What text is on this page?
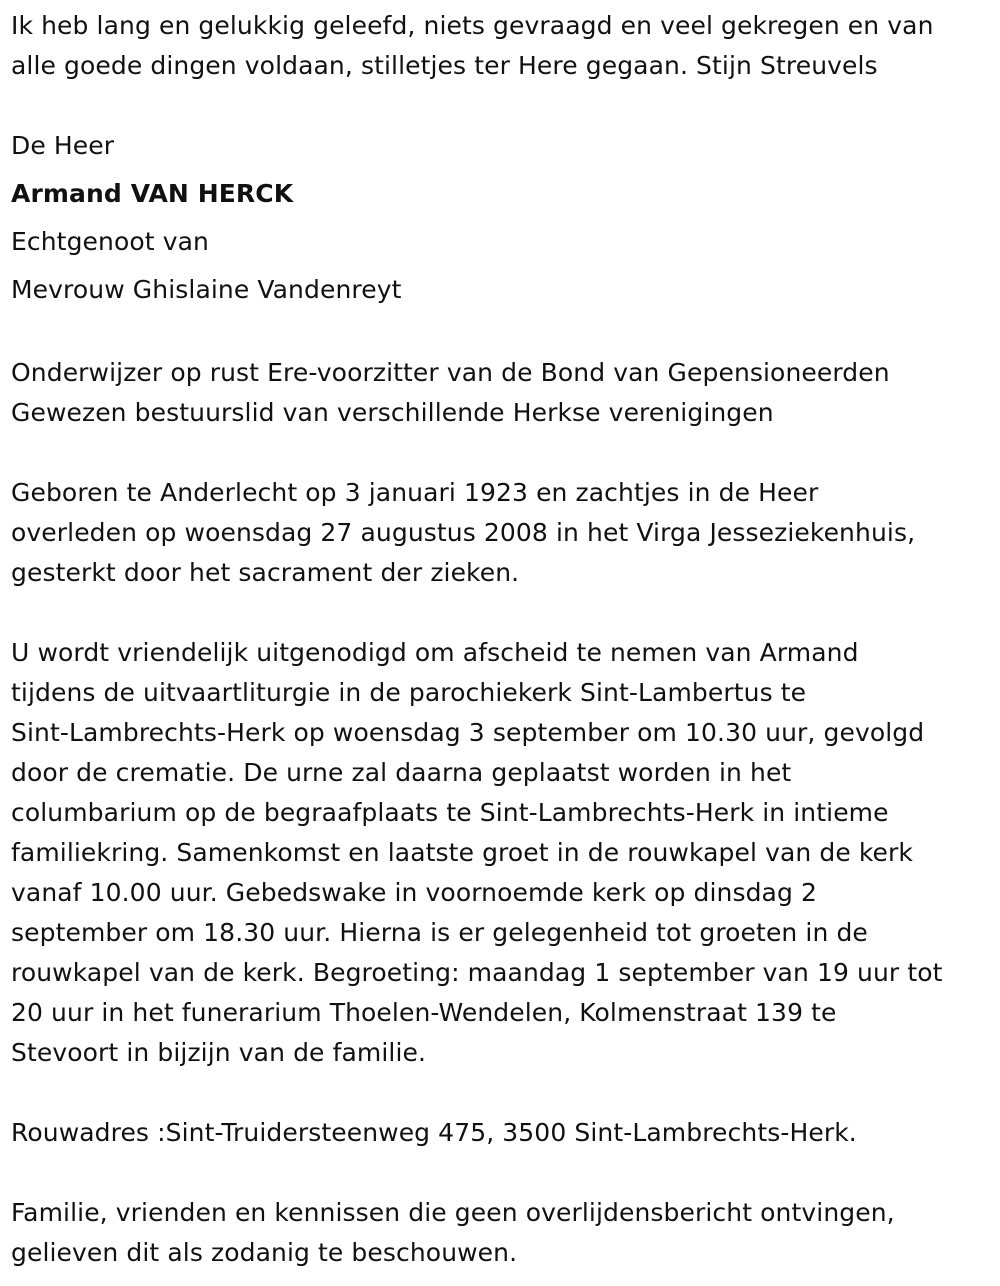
Ik heb lang en gelukkig geleefd, niets gevraagd en veel gekregen en van
alle goede dingen voldaan, stilletjes ter Here gegaan. Stijn Streuvels
De Heer
Armand VAN HERCK
Echtgenoot van
Mevrouw Ghislaine Vandenreyt
Onderwijzer op rust Ere-voorzitter van de Bond van Gepensioneerden
Gewezen bestuurslid van verschillende Herkse verenigingen
Geboren te Anderlecht op 3 januari 1923 en zachtjes in de Heer
overleden op woensdag 27 augustus 2008 in het Virga Jesseziekenhuis,
gesterkt door het sacrament der zieken.
U wordt vriendelijk uitgenodigd om afscheid te nemen van Armand
tijdens de uitvaartliturgie in de parochiekerk Sint-Lambertus te
Sint-Lambrechts-Herk op woensdag 3 september om 10.30 uur, gevolgd
door de crematie. De urne zal daarna geplaatst worden in het
columbarium op de begraafplaats te Sint-Lambrechts-Herk in intieme
familiekring. Samenkomst en laatste groet in de rouwkapel van de kerk
vanaf 10.00 uur. Gebedswake in voornoemde kerk op dinsdag 2
september om 18.30 uur. Hierna is er gelegenheid tot groeten in de
rouwkapel van de kerk. Begroeting: maandag 1 september van 19 uur tot
20 uur in het funerarium Thoelen-Wendelen, Kolmenstraat 139 te
Stevoort in bijzijn van de familie.
Rouwadres :Sint-Truidersteenweg 475, 3500 Sint-Lambrechts-Herk.
Familie, vrienden en kennissen die geen overlijdensbericht ontvingen,
gelieven dit als zodanig te beschouwen.
